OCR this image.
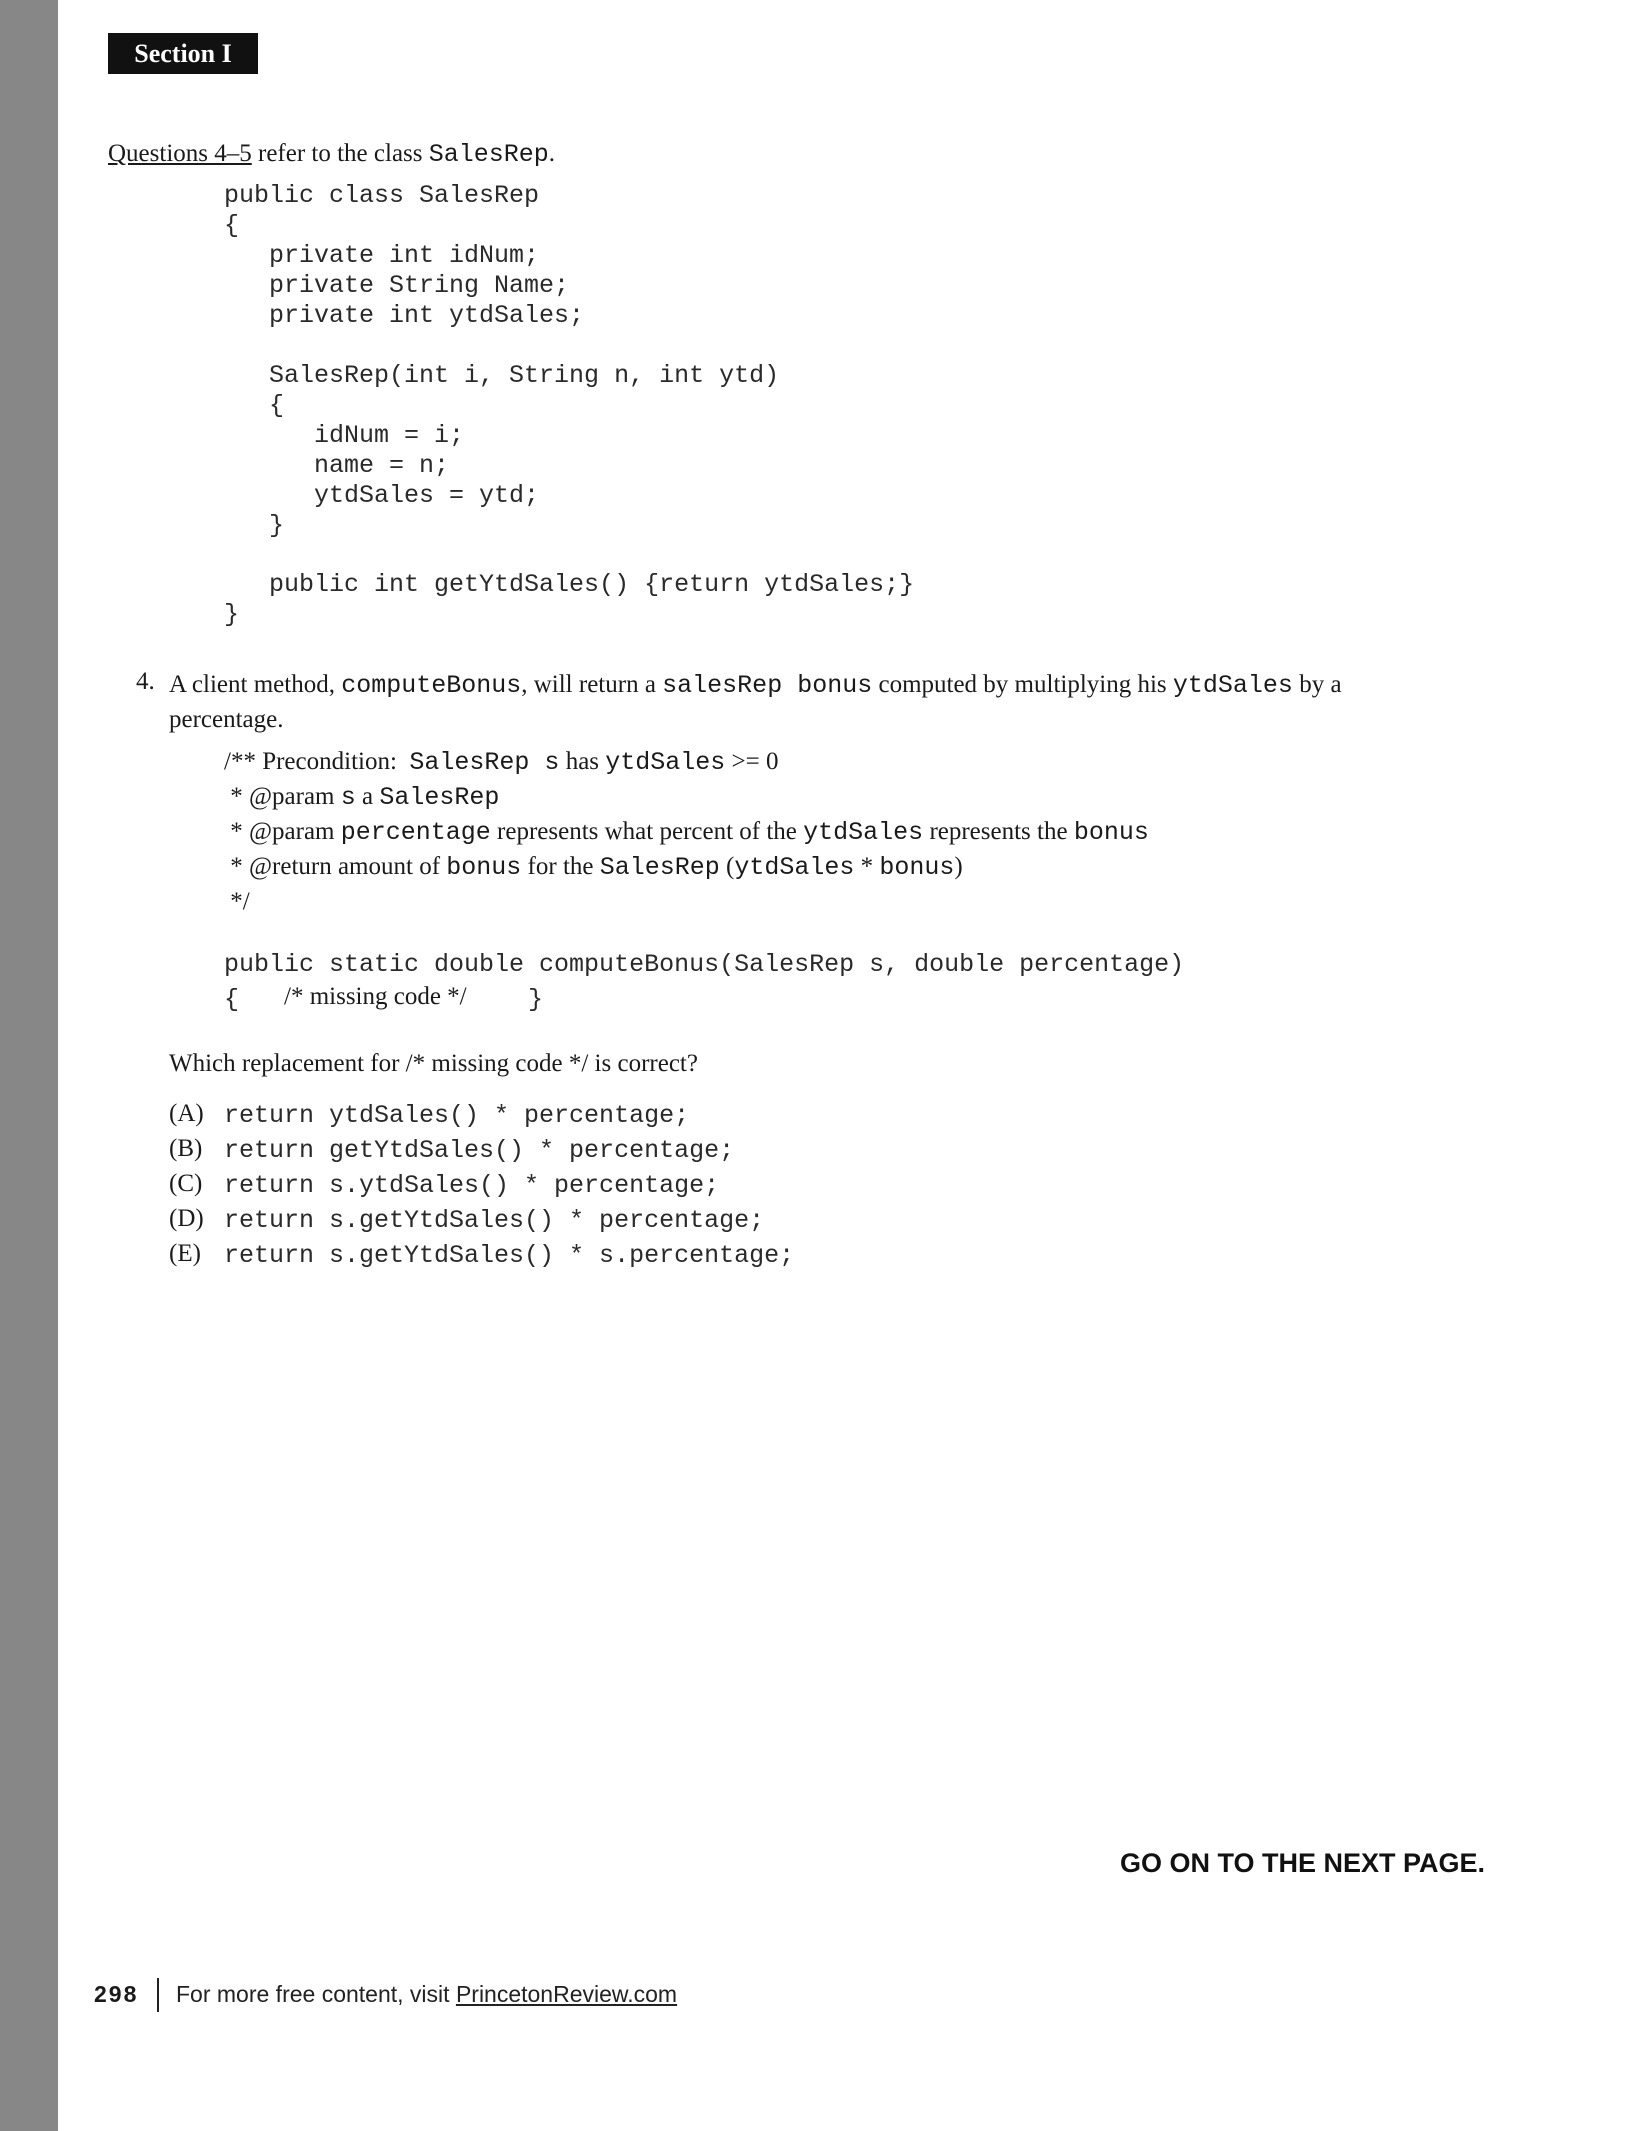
Section I
Questions 4–5 refer to the class SalesRep.
public class SalesRep
{
private int idNum;
private String Name;
private int ytdSales;
SalesRep(int i, String n, int ytd)
{
idNum = i;
name = n;
ytdSales = ytd;
}
public int getYtdSales() {return ytdSales;}
}
4. A client method, computeBonus, will return a salesRep bonus computed by multiplying his ytdSales by a percentage.
/** Precondition:  SalesRep s has ytdSales >= 0
* @param s a SalesRep
* @param percentage represents what percent of the ytdSales represents the bonus
* @return amount of bonus for the SalesRep (ytdSales * bonus)
*/
public static double computeBonus(SalesRep s, double percentage)
{ /* missing code */ }
Which replacement for /* missing code */ is correct?
(A) return ytdSales() * percentage;
(B) return getYtdSales() * percentage;
(C) return s.ytdSales() * percentage;
(D) return s.getYtdSales() * percentage;
(E) return s.getYtdSales() * s.percentage;
GO ON TO THE NEXT PAGE.
298 For more free content, visit PrincetonReview.com
